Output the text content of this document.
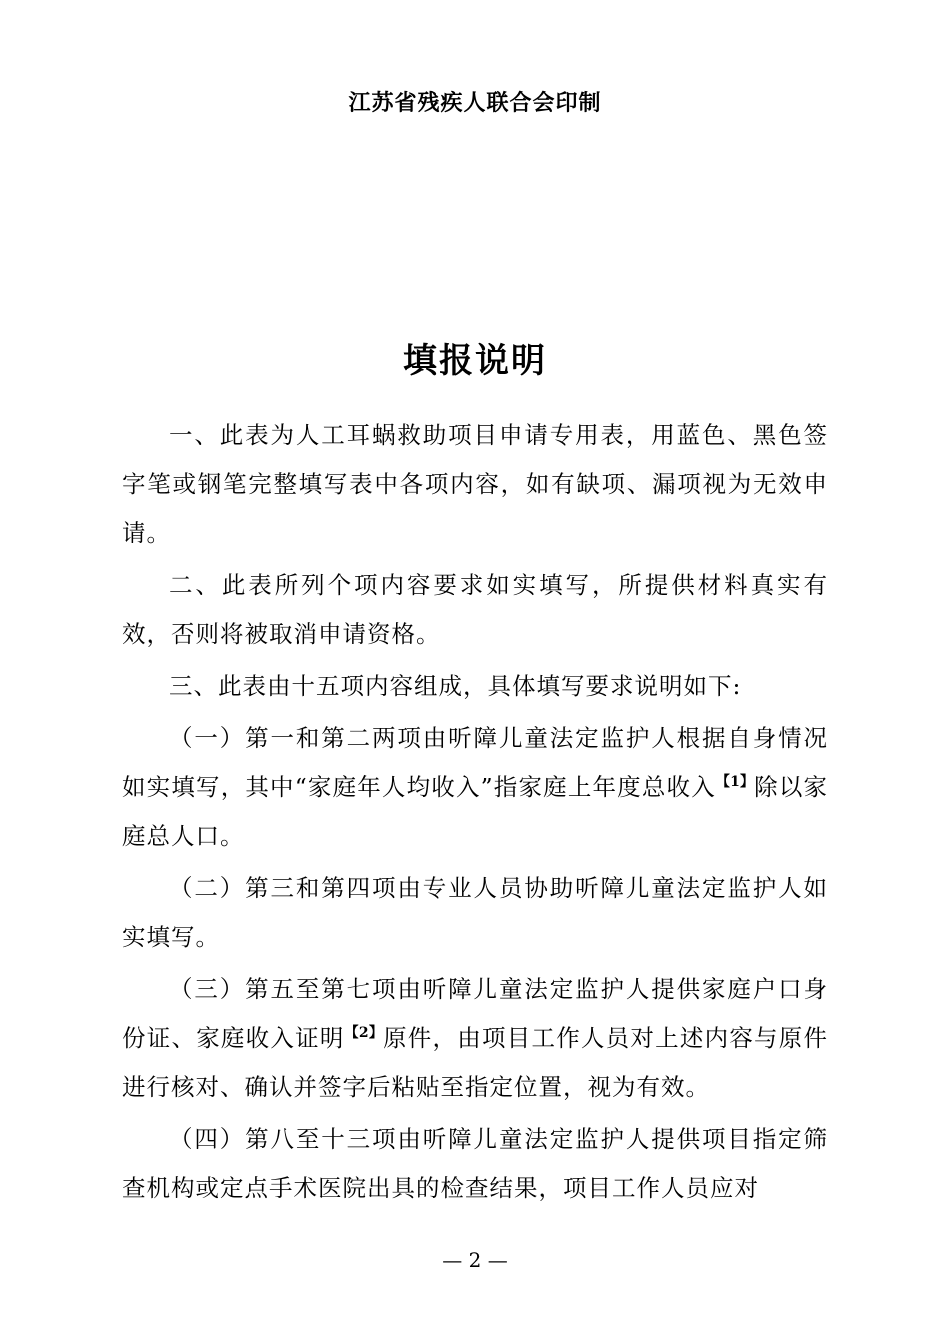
江苏省残疾人联合会印制
填报说明

一、此表为人工耳蜗救助项目申请专用表，用蓝色、黑色签字笔或钢笔完整填写表中各项内容，如有缺项、漏项视为无效申请。

二、此表所列个项内容要求如实填写，所提供材料真实有效，否则将被取消申请资格。

三、此表由十五项内容组成，具体填写要求说明如下:

（一）第一和第二两项由听障儿童法定监护人根据自身情况如实填写，其中“家庭年人均收入”指家庭上年度总收入$^{【1】}$除以家庭总人口。

（二）第三和第四项由专业人员协助听障儿童法定监护人如实填写。

（三）第五至第七项由听障儿童法定监护人提供家庭户口身份证、家庭收入证明$^{【2】}$原件，由项目工作人员对上述内容与原件进行核对、确认并签字后粘贴至指定位置，视为有效。

（四）第八至十三项由听障儿童法定监护人提供项目指定筛查机构或定点手术医院出具的检查结果，项目工作人员应对

— 2 —
